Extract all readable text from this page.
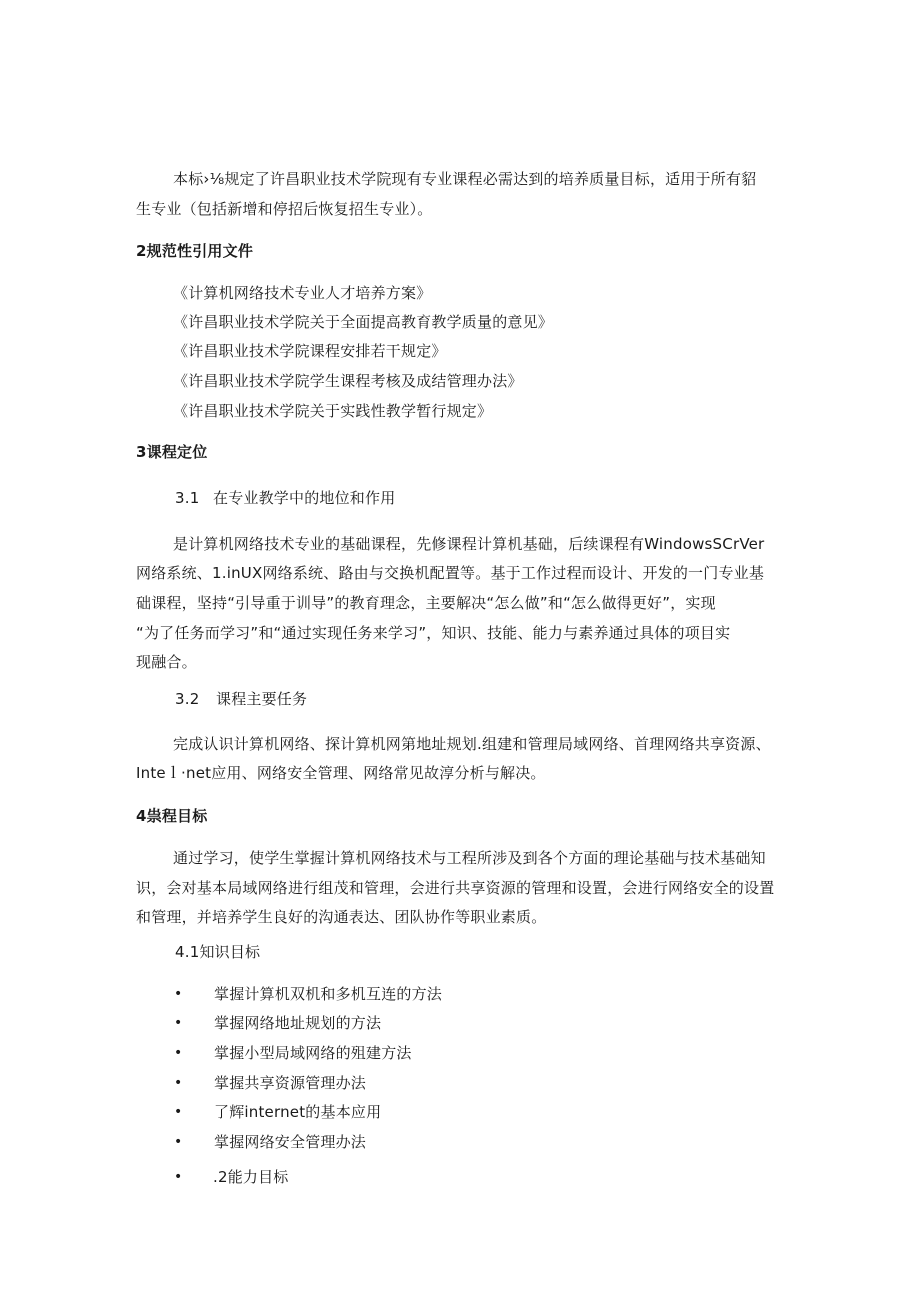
本标›⅛规定了许昌职业技术学院现有专业课程必需达到的培养质量目标，适用于所有貂
生专业（包括新增和停招后恢复招生专业）。
2规范性引用文件
《计算机网络技术专业人才培养方案》
《许昌职业技术学院关于全面提高教育教学质量的意见》
《许昌职业技术学院课程安排若干规定》
《许昌职业技术学院学生课程考核及成结管理办法》
《许昌职业技术学院关于实践性教学暂行规定》
3课程定位
3.1 在专业教学中的地位和作用
是计算机网络技术专业的基础课程，先修课程计算机基础，后续课程有WindowsSCrVer
网络系统、1.inUX网络系统、路由与交换机配置等。基于工作过程而设计、开发的一门专业基
础课程，坚持“引导重于训导”的教育理念，主要解决“怎么做”和“怎么做得更好”，实现
“为了任务而学习”和“通过实现任务来学习”，知识、技能、能力与素养通过具体的项目实
现融合。
3.2 课程主要任务
完成认识计算机网络、探计算机网第地址规划.组建和管理局域网络、首理网络共享资源、
Inteｌ·net应用、网络安全管理、网络常见故淳分析与解决。
4祟程目标
通过学习，使学生掌握计算机网络技术与工程所涉及到各个方面的理论基础与技术基础知
识，会对基本局域网络进行组茂和管理，会进行共享资源的管理和设置，会进行网络安全的设置
和管理，并培养学生良好的沟通表达、团队协作等职业素质。
4.1知识目标
• 掌握计算机双机和多机互连的方法
• 掌握网络地址规划的方法
• 掌握小型局域网络的殂建方法
• 掌握共享资源管理办法
• 了辉internet的基本应用
• 掌握网络安全管理办法
• .2能力目标
